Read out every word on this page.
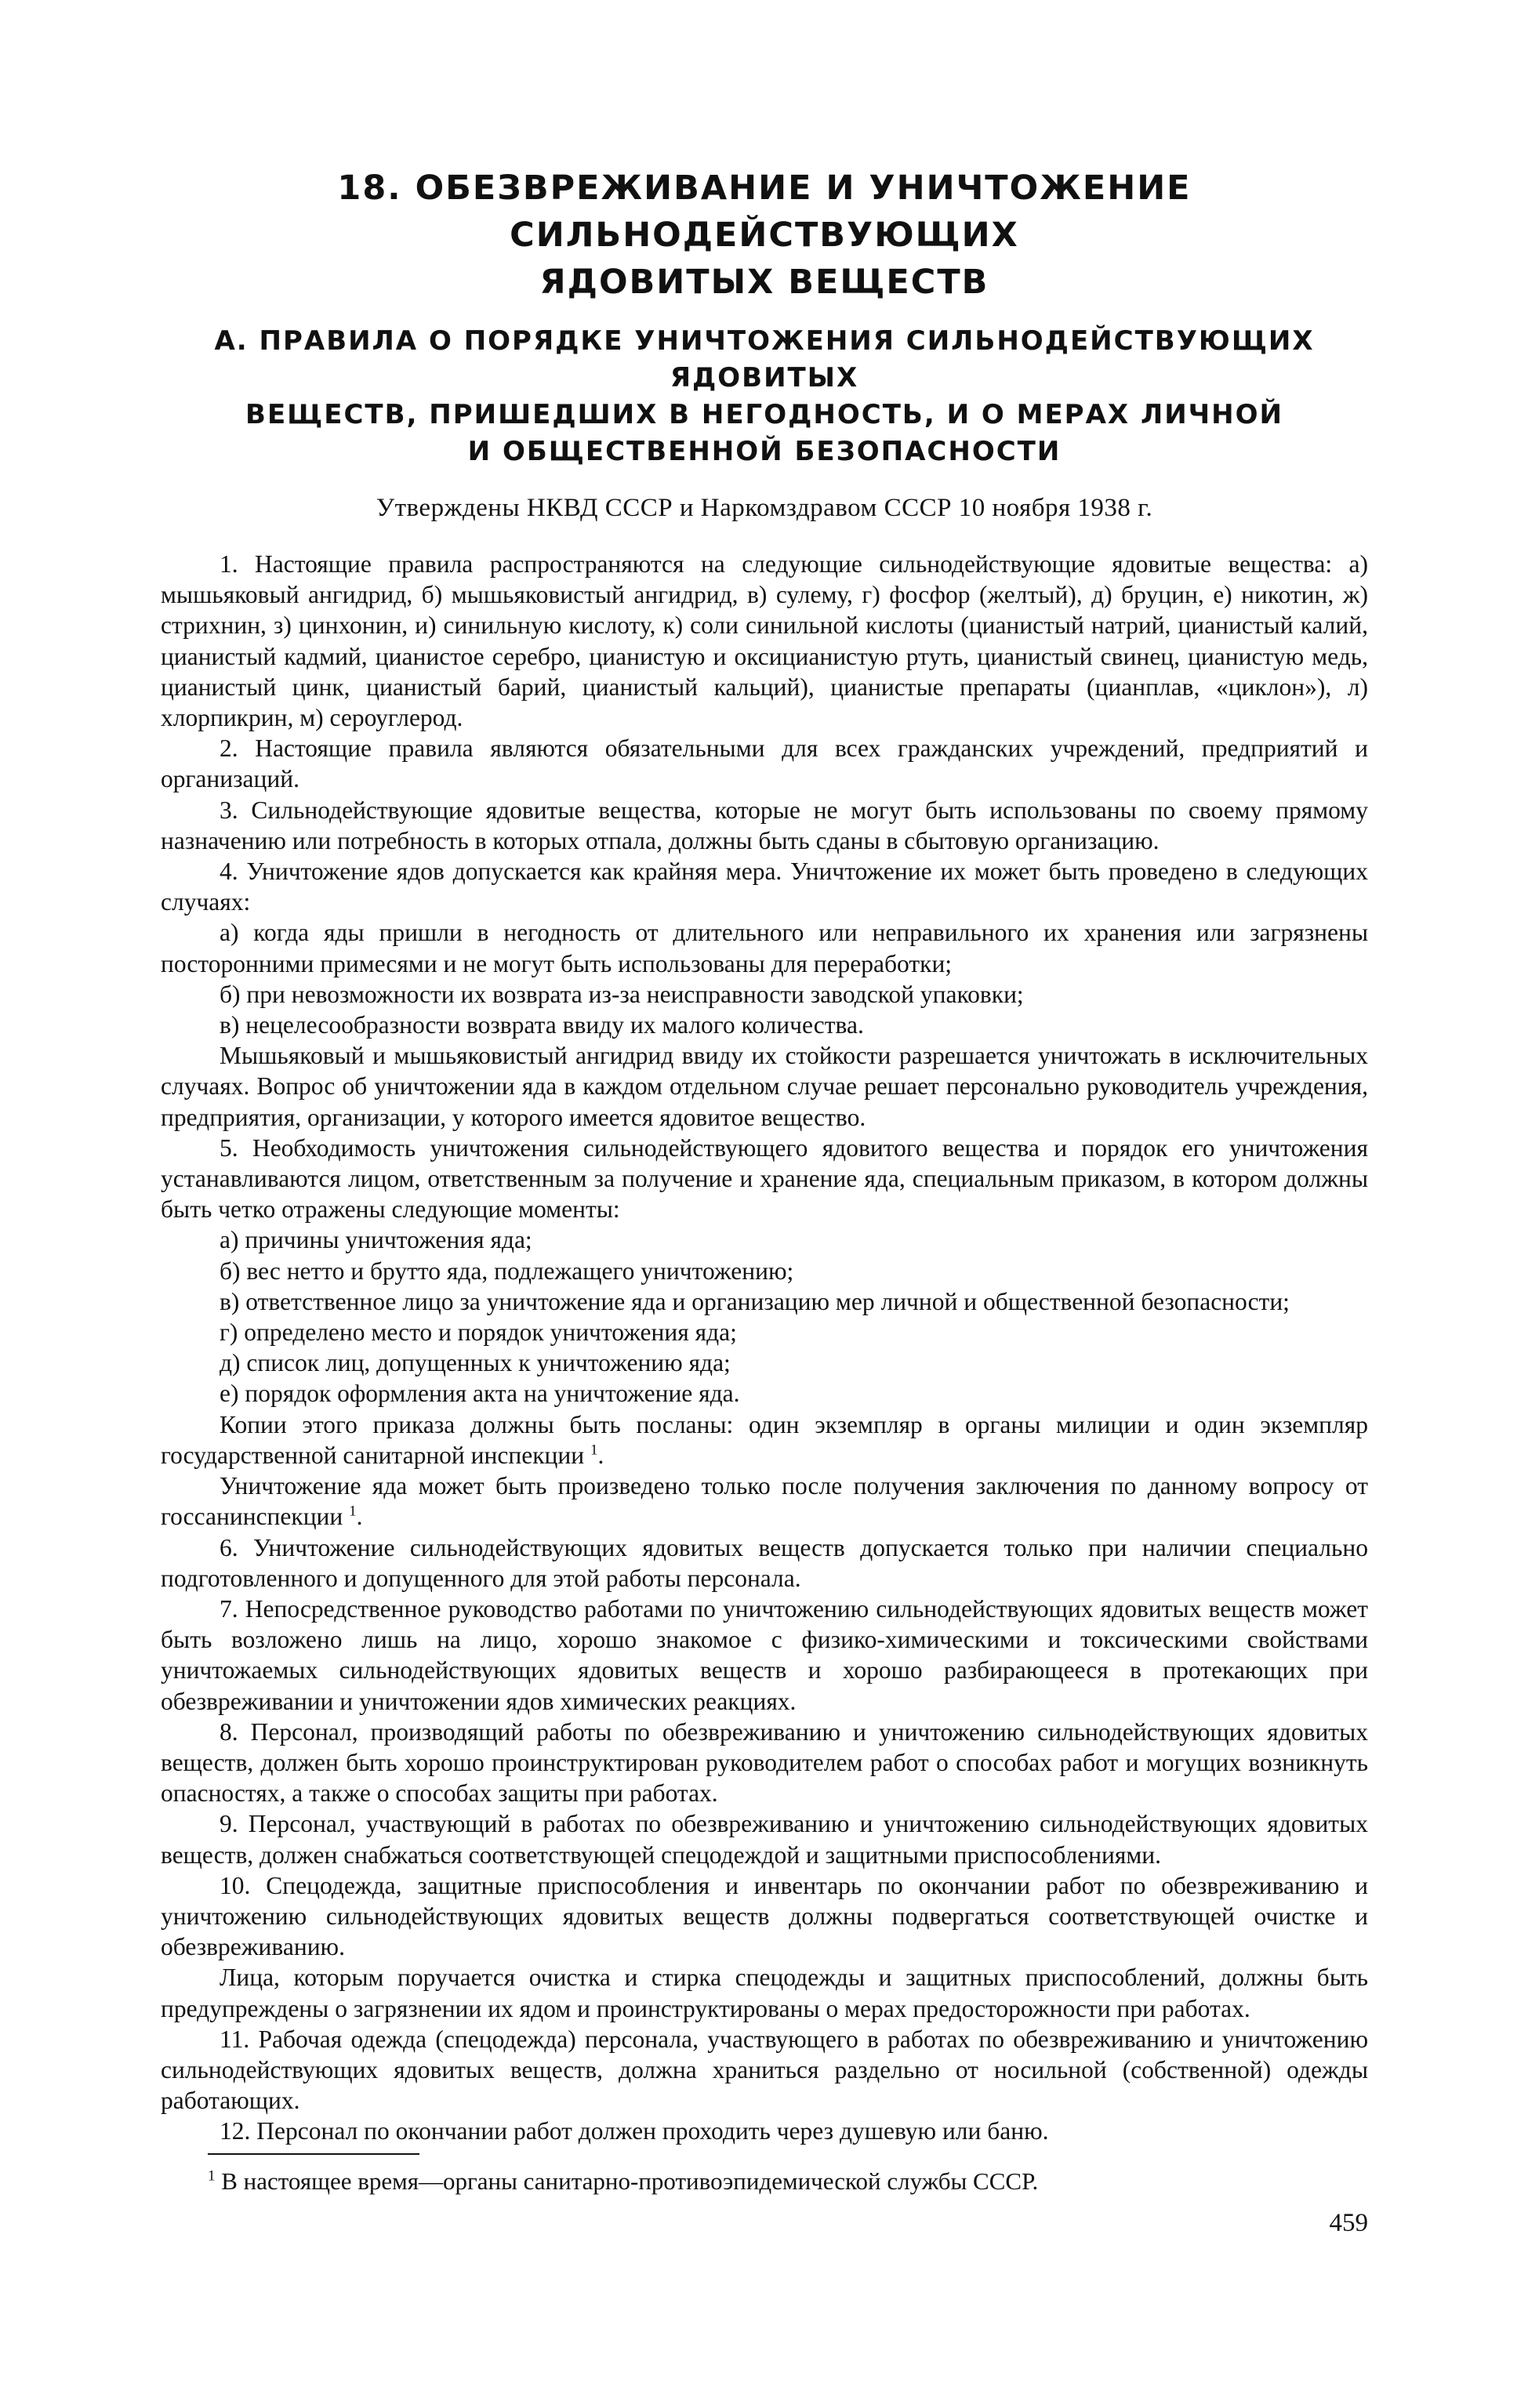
18. ОБЕЗВРЕЖИВАНИЕ И УНИЧТОЖЕНИЕ СИЛЬНОДЕЙСТВУЮЩИХ
ЯДОВИТЫХ ВЕЩЕСТВ
А. ПРАВИЛА О ПОРЯДКЕ УНИЧТОЖЕНИЯ СИЛЬНОДЕЙСТВУЮЩИХ ЯДОВИТЫХ
ВЕЩЕСТВ, ПРИШЕДШИХ В НЕГОДНОСТЬ, И О МЕРАХ ЛИЧНОЙ
И ОБЩЕСТВЕННОЙ БЕЗОПАСНОСТИ
Утверждены НКВД СССР и Наркомздравом СССР 10 ноября 1938 г.

1. Настоящие правила распространяются на следующие сильнодействующие ядовитые вещества: а) мышьяковый ангидрид, б) мышьяковистый ангидрид, в) сулему, г) фосфор (желтый), д) бруцин, е) никотин, ж) стрихнин, з) цинхонин, и) синильную кислоту, к) соли синильной кислоты (цианистый натрий, цианистый калий, цианистый кадмий, цианистое серебро, цианистую и оксицианистую ртуть, цианистый свинец, цианистую медь, цианистый цинк, цианистый барий, цианистый кальций), цианистые препараты (цианплав, «циклон»), л) хлорпикрин, м) сероуглерод.

2. Настоящие правила являются обязательными для всех гражданских учреждений, предприятий и организаций.

3. Сильнодействующие ядовитые вещества, которые не могут быть использованы по своему прямому назначению или потребность в которых отпала, должны быть сданы в сбытовую организацию.

4. Уничтожение ядов допускается как крайняя мера. Уничтожение их может быть проведено в следующих случаях:

а) когда яды пришли в негодность от длительного или неправильного их хранения или загрязнены посторонними примесями и не могут быть использованы для переработки;

б) при невозможности их возврата из-за неисправности заводской упаковки;

в) нецелесообразности возврата ввиду их малого количества.

Мышьяковый и мышьяковистый ангидрид ввиду их стойкости разрешается уничтожать в исключительных случаях. Вопрос об уничтожении яда в каждом отдельном случае решает персонально руководитель учреждения, предприятия, организации, у которого имеется ядовитое вещество.

5. Необходимость уничтожения сильнодействующего ядовитого вещества и порядок его уничтожения устанавливаются лицом, ответственным за получение и хранение яда, специальным приказом, в котором должны быть четко отражены следующие моменты:

а) причины уничтожения яда;

б) вес нетто и брутто яда, подлежащего уничтожению;

в) ответственное лицо за уничтожение яда и организацию мер личной и общественной безопасности;

г) определено место и порядок уничтожения яда;

д) список лиц, допущенных к уничтожению яда;

е) порядок оформления акта на уничтожение яда.

Копии этого приказа должны быть посланы: один экземпляр в органы милиции и один экземпляр государственной санитарной инспекции $^1$.

Уничтожение яда может быть произведено только после получения заключения по данному вопросу от госсанинспекции $^1$.

6. Уничтожение сильнодействующих ядовитых веществ допускается только при наличии специально подготовленного и допущенного для этой работы персонала.

7. Непосредственное руководство работами по уничтожению сильнодействующих ядовитых веществ может быть возложено лишь на лицо, хорошо знакомое с физико-химическими и токсическими свойствами уничтожаемых сильнодействующих ядовитых веществ и хорошо разбирающееся в протекающих при обезвреживании и уничтожении ядов химических реакциях.

8. Персонал, производящий работы по обезвреживанию и уничтожению сильнодействующих ядовитых веществ, должен быть хорошо проинструктирован руководителем работ о способах работ и могущих возникнуть опасностях, а также о способах защиты при работах.

9. Персонал, участвующий в работах по обезвреживанию и уничтожению сильнодействующих ядовитых веществ, должен снабжаться соответствующей спецодеждой и защитными приспособлениями.

10. Спецодежда, защитные приспособления и инвентарь по окончании работ по обезвреживанию и уничтожению сильнодействующих ядовитых веществ должны подвергаться соответствующей очистке и обезвреживанию.

Лица, которым поручается очистка и стирка спецодежды и защитных приспособлений, должны быть предупреждены о загрязнении их ядом и проинструктированы о мерах предосторожности при работах.

11. Рабочая одежда (спецодежда) персонала, участвующего в работах по обезвреживанию и уничтожению сильнодействующих ядовитых веществ, должна храниться раздельно от носильной (собственной) одежды работающих.

12. Персонал по окончании работ должен проходить через душевую или баню.

$^1$ В настоящее время—органы санитарно-противоэпидемической службы СССР.
459
